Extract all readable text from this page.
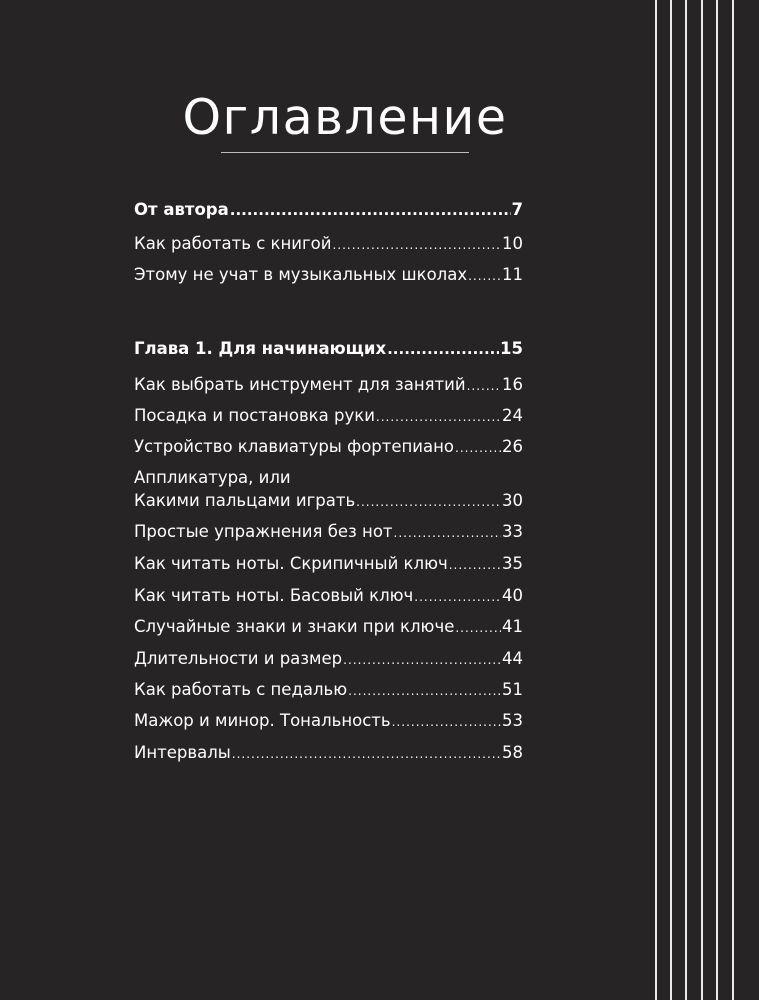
Оглавление
От автора .....	7
Как работать с книгой .....	10
Этому не учат в музыкальных школах ..... 11
Глава 1. Для начинающих .....	15
Как выбрать инструмент для занятий ..... 16
Посадка и постановка руки .....	24
Устройство клавиатуры фортепиано .....	26
Аппликатура, или
Какими пальцами играть .....	30
Простые упражнения без нот .....	33
Как читать ноты. Скрипичный ключ .....	35
Как читать ноты. Басовый ключ .....	40
Случайные знаки и знаки при ключе .....	41
Длительности и размер .....	44
Как работать с педалью .....	51
Мажор и минор. Тональность .....	53
Интервалы .....	58
